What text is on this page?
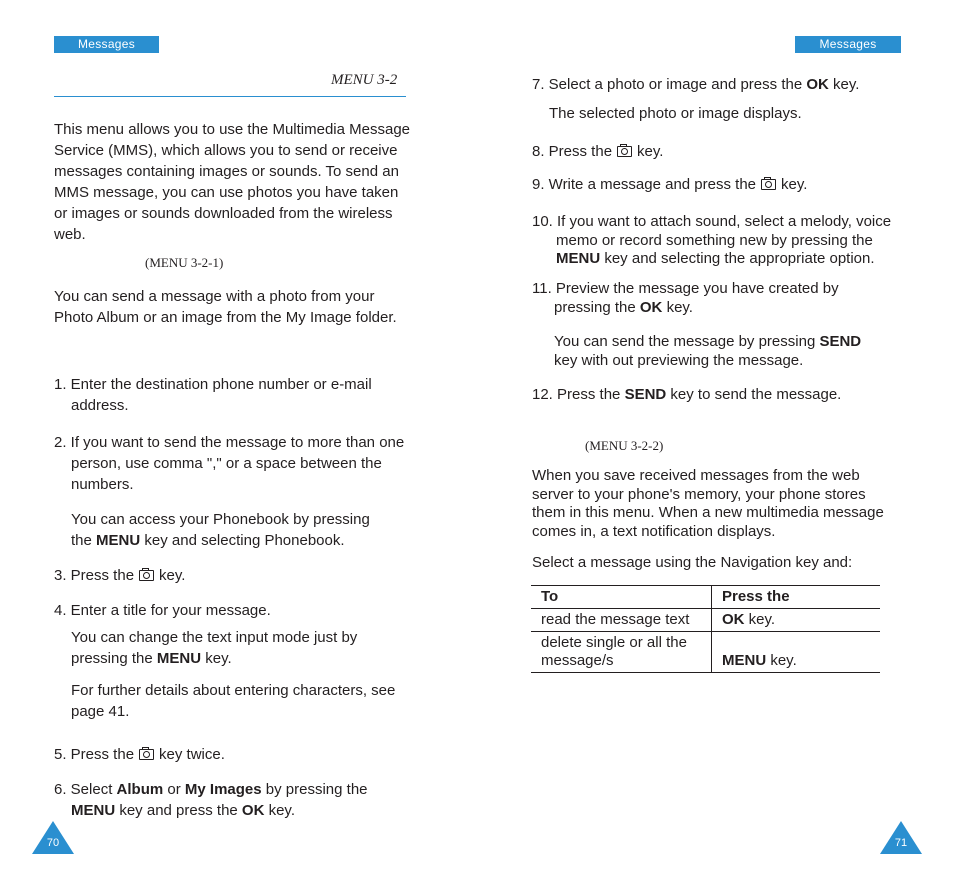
Messages
MENU 3-2
This menu allows you to use the Multimedia Message Service (MMS), which allows you to send or receive messages containing images or sounds. To send an MMS message, you can use photos you have taken or images or sounds downloaded from the wireless web.
(MENU 3-2-1)
You can send a message with a photo from your Photo Album or an image from the My Image folder.
1. Enter the destination phone number or e-mail address.
2. If you want to send the message to more than one person, use comma "," or a space between the numbers.
You can access your Phonebook by pressing the MENU key and selecting Phonebook.
3. Press the key.
4. Enter a title for your message.
You can change the text input mode just by pressing the MENU key.
For further details about entering characters, see page 41.
5. Press the key twice.
6. Select Album or My Images by pressing the MENU key and press the OK key.
70
Messages
7. Select a photo or image and press the OK key.
The selected photo or image displays.
8. Press the key.
9. Write a message and press the key.
10. If you want to attach sound, select a melody, voice memo or record something new by pressing the MENU key and selecting the appropriate option.
11. Preview the message you have created by pressing the OK key.
You can send the message by pressing SEND key with out previewing the message.
12. Press the SEND key to send the message.
(MENU 3-2-2)
When you save received messages from the web server to your phone's memory, your phone stores them in this menu. When a new multimedia message comes in, a text notification displays.
Select a message using the Navigation key and:
To	Press the
read the message text	OK key.
delete single or all the message/s	MENU key.
71
